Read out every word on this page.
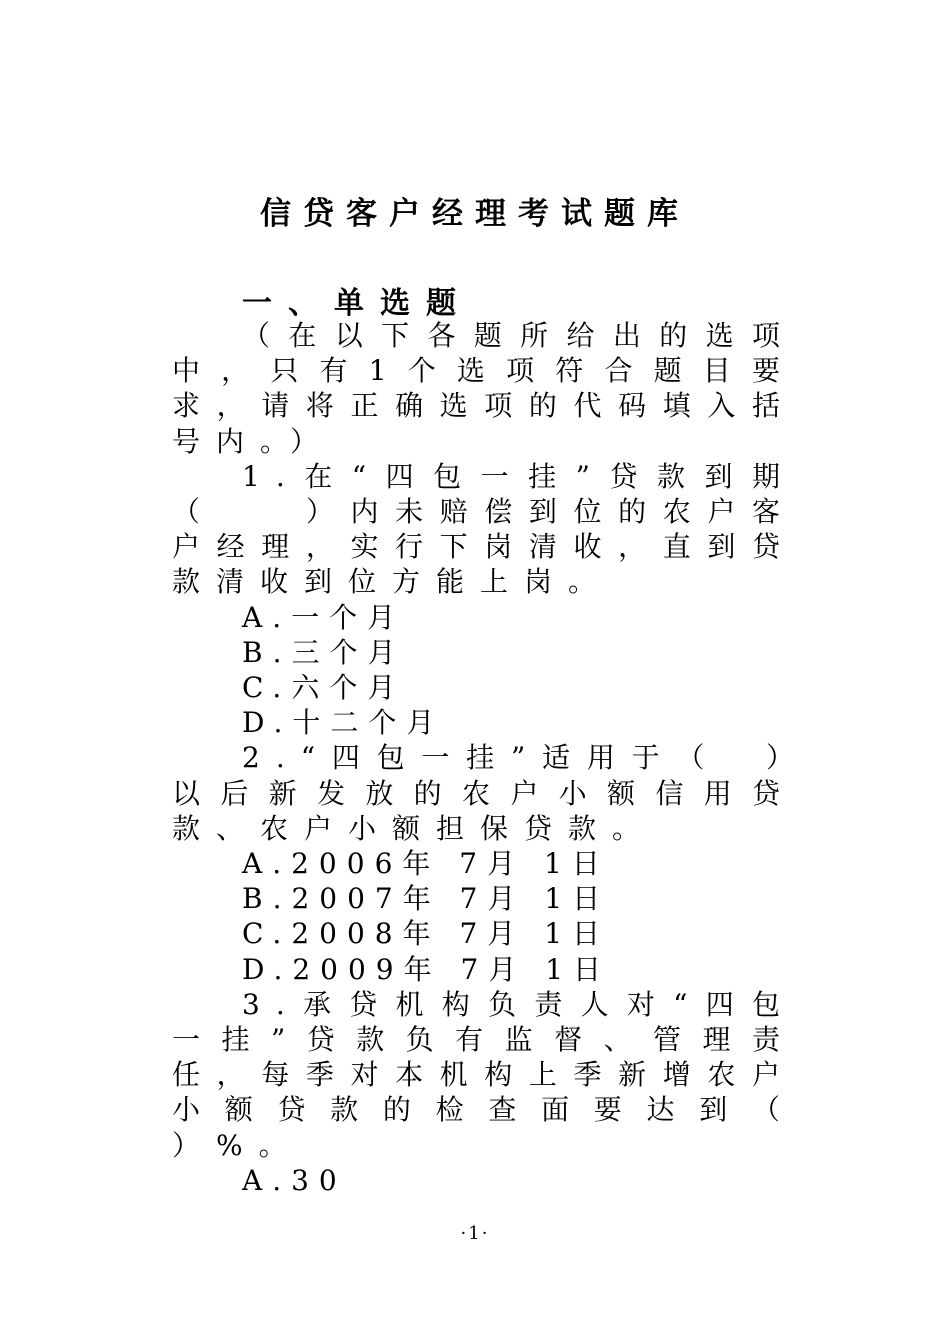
信贷客户经理考试题库
一、单选题

（在以下各题所给出的选项中，只有1个选项符合题目要求，请将正确选项的代码填入括号内。）

1.在“四包一挂”贷款到期（　　）内未赔偿到位的农户客户经理，实行下岗清收，直到贷款清收到位方能上岗。

A.一个月

B.三个月

C.六个月

D.十二个月

2.“四包一挂”适用于（　）以后新发放的农户小额信用贷款、农户小额担保贷款。

A.2006年 7月 1日

B.2007年 7月 1日

C.2008年 7月 1日

D.2009年 7月 1日

3.承贷机构负责人对“四包一挂”贷款负有监督、管理责任，每季对本机构上季新增农户小额贷款的检查面要达到（　　）%。

A.30

·1·
